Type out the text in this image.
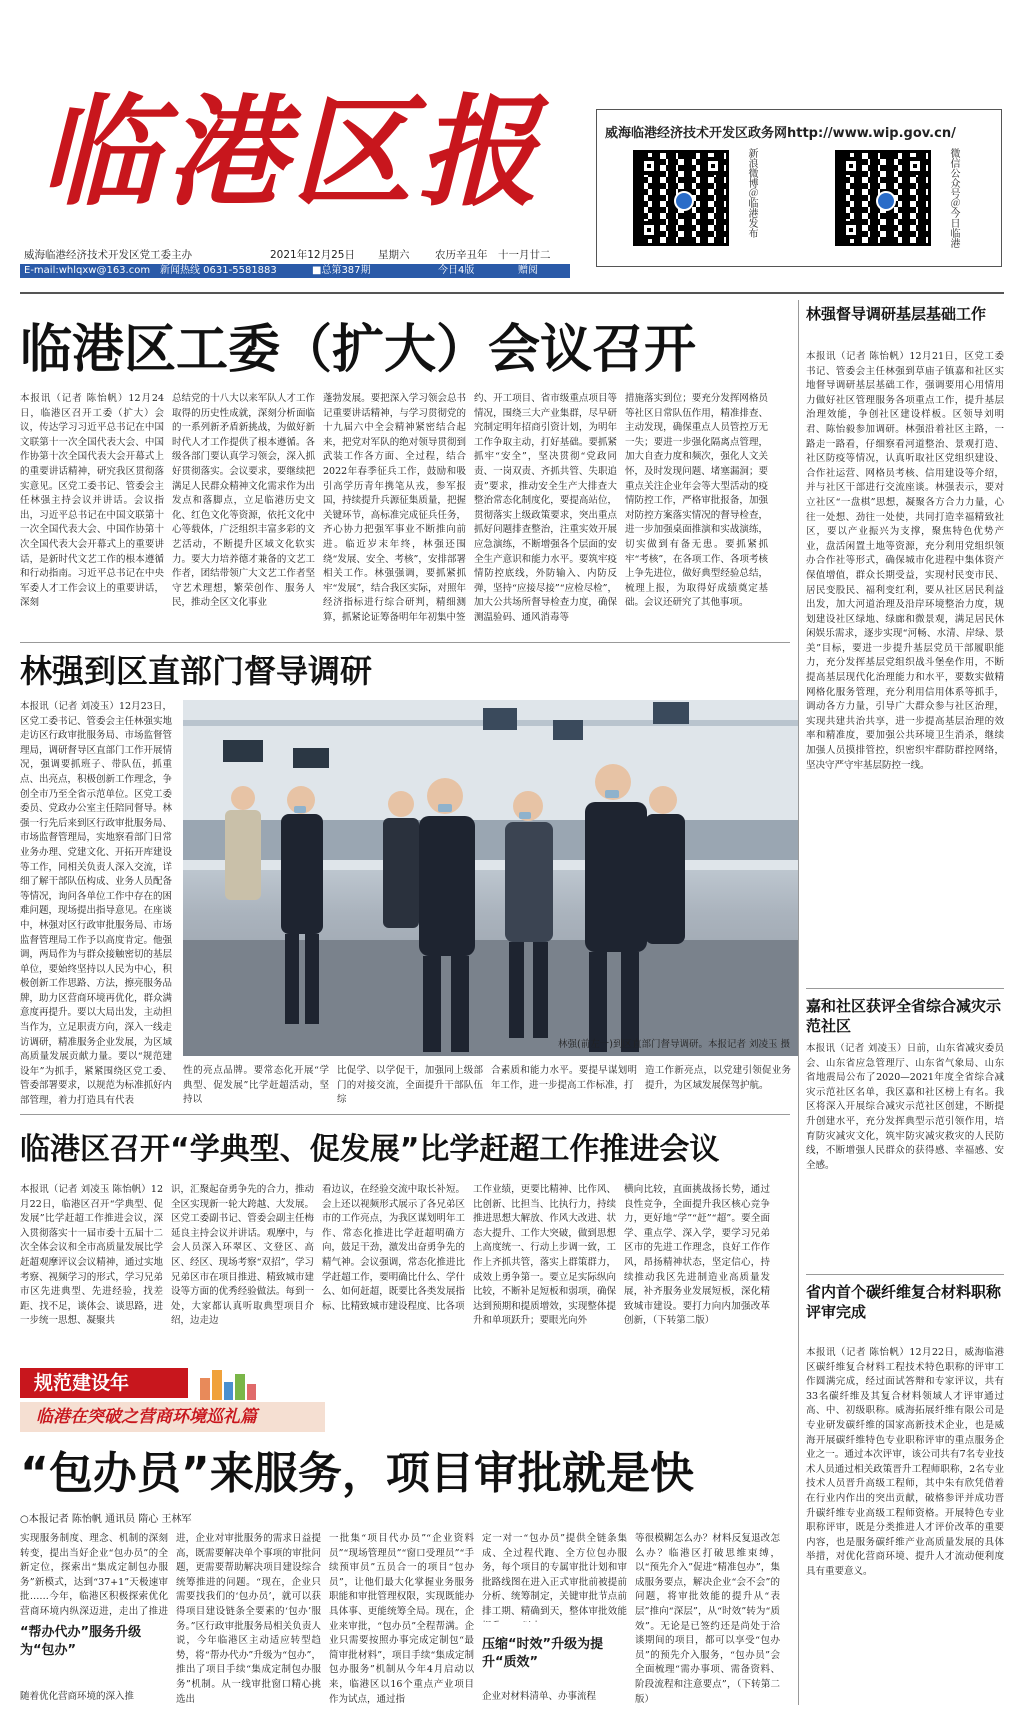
临港区报
威海临港经济技术开发区党工委主办	2021年12月25日 星期六 农历辛丑年　十一月廿二
E-mail:whlqxw@163.com 新闻热线 0631-5581883	■总第387期	今日4版	赠阅
威海临港经济技术开发区政务网http://www.wip.gov.cn/
新浪微博＠临港发布	微信公众号＠今日临港
临港区工委（扩大）会议召开
本报讯（记者 陈怡帆）12月24日，临港区召开工委（扩大）会议，传达学习习近平总书记在中国文联第十一次全国代表大会、中国作协第十次全国代表大会开幕式上的重要讲话精神，研究我区贯彻落实意见。区党工委书记、管委会主任林强主持会议并讲话。会议指出，习近平总书记在中国文联第十一次全国代表大会、中国作协第十次全国代表大会开幕式上的重要讲话，是新时代文艺工作的根本遵循和行动指南。习近平总书记在中央军委人才工作会议上的重要讲话，深刻
总结党的十八大以来军队人才工作取得的历史性成就，深刻分析面临的一系列新矛盾新挑战，为做好新时代人才工作提供了根本遵循。各级各部门要认真学习领会，深入抓好贯彻落实。会议要求，要继续把满足人民群众精神文化需求作为出发点和落脚点，立足临港历史文化、红色文化等资源，依托文化中心等载体，广泛组织丰富多彩的文艺活动，不断提升区域文化软实力。要大力培养德才兼备的文艺工作者，团结带领广大文艺工作者坚守艺术理想，繁荣创作、服务人民，推动全区文化事业
蓬勃发展。要把深入学习领会总书记重要讲话精神，与学习贯彻党的十九届六中全会精神紧密结合起来，把党对军队的绝对领导贯彻到武装工作各方面、全过程，结合2022年春季征兵工作，鼓励和吸引高学历青年携笔从戎，参军报国，持续提升兵源征集质量，把握关键环节，高标准完成征兵任务，齐心协力把强军事业不断推向前进。临近岁末年终，林强还围绕“发展、安全、考核”，安排部署相关工作。林强强调，要抓紧抓牢“发展”，结合我区实际，对照年经济指标进行综合研判，精细测算，抓紧论证筹备明年年初集中签
约、开工项目、省市级重点项目等情况，围绕三大产业集群，尽早研究制定明年招商引资计划，为明年工作争取主动，打好基础。要抓紧抓牢“安全”，坚决贯彻“党政同责、一岗双责、齐抓共管、失职追责”要求，推动安全生产大排查大整治常态化制度化，要提高站位，贯彻落实上级政策要求，突出重点抓好问题排查整治，注重实效开展应急演练，不断增强各个层面的安全生产意识和能力水平。要筑牢疫情防控底线，外防输入、内防反弹，坚持“应接尽接”“应检尽检”，加大公共场所督导检查力度，确保测温验码、通风消毒等
措施落实到位；要充分发挥网格员等社区日常队伍作用，精准排查、主动发现，确保重点人员管控万无一失；要进一步强化隔离点管理，加大自查力度和频次，强化人文关怀，及时发现问题、堵塞漏洞；要重点关注企业年会等大型活动的疫情防控工作，严格审批报备，加强对防控方案落实情况的督导检查，进一步加强桌面推演和实战演练，切实做到有备无患。要抓紧抓牢“考核”，在各项工作、各项考核上争先进位，做好典型经验总结，梳理上报，为取得好成绩奠定基础。会议还研究了其他事项。
林强到区直部门督导调研
本报讯（记者 刘凌玉）12月23日，区党工委书记、管委会主任林强实地走访区行政审批服务局、市场监督管理局，调研督导区直部门工作开展情况，强调要抓班子、带队伍，抓重点、出亮点，积极创新工作理念，争创全市乃至全省示范单位。区党工委委员、党政办公室主任陪同督导。林强一行先后来到区行政审批服务局、市场监督管理局，实地察看部门日常业务办理、党建文化、开拓开库建设等工作，同相关负责人深入交流，详细了解干部队伍构成、业务人员配备等情况，询问各单位工作中存在的困难问题，现场提出指导意见。在座谈中，林强对区行政审批服务局、市场监督管理局工作予以高度肯定。他强调，两局作为与群众接触密切的基层单位，要始终坚持以人民为中心，积极创新工作思路、方法，擦亮服务品牌，助力区营商环境再优化，群众满意度再提升。要以大局出发，主动担当作为，立足职责方向，深入一线走访调研，精准服务企业发展，为区域高质量发展贡献力量。要以“规范建设年”为抓手，紧紧围绕区党工委、管委部署要求，以规范为标准抓好内部管理，着力打造具有代表
林强(前左一)到区直部门督导调研。本报记者 刘凌玉 摄
性的亮点品牌。要常态化开展“学典型、促发展”比学赶超活动，坚持以
比促学、以学促干，加强同上级部门的对接交流，全面提升干部队伍综
合素质和能力水平。要提早谋划明年工作，进一步提高工作标准，打
造工作新亮点，以党建引领促业务提升，为区域发展保驾护航。
临港区召开“学典型、促发展”比学赶超工作推进会议
本报讯（记者 刘凌玉 陈怡帆）12月22日，临港区召开“学典型、促发展”比学赶超工作推进会议，深入贯彻落实十一届市委十五届十二次全体会议和全市高质量发展比学赶超观摩评议会议精神，通过实地考察、视频学习的形式，学习兄弟市区先进典型、先进经验，找差距、找不足，谈体会、谈思路，进一步统一思想、凝聚共
识，汇聚起奋勇争先的合力，推动全区实现新一轮大跨越、大发展。区党工委副书记、管委会副主任梅延良主持会议并讲话。观摩中，与会人员深入环翠区、文登区、高区、经区、现场考察“双招”，学习兄弟区市在项目推进、精致城市建设等方面的优秀经验做法。每到一处，大家都认真听取典型项目介绍，边走边
看边议，在经验交流中取长补短。会上还以视频形式展示了各兄弟区市的工作亮点，为我区谋划明年工作、常态化推进比学赶超明确方向，鼓足干劲，激发出奋勇争先的精气神。会议强调，常态化推进比学赶超工作，要明确比什么、学什么、如何赶超，既要比各类发展指标、比精致城市建设程度、比各项
工作业绩，更要比精神、比作风、比创新、比担当、比执行力，持续推进思想大解放、作风大改进、状态大提升、工作大突破，做到思想上高度统一、行动上步调一致，工作上齐抓共管，落实上群策群力，成效上勇争第一。要立足实际纵向比较，不断补足短板和弱项，确保达到预期和提质增效，实现整体提升和单项跃升；要眼光向外
横向比较，直面挑战扬长势，通过良性竞争，全面提升我区核心竞争力，更好地“学”“赶”“超”。要全面学、重点学、深入学，要学习兄弟区市的先进工作理念，良好工作作风，昂扬精神状态，坚定信心，持续推动我区先进制造业高质量发展，补齐服务业发展短板，深化精致城市建设。要打力向内加强改革创新，（下转第二版）
规范建设年
临港在突破之营商环境巡礼篇
“包办员”来服务，项目审批就是快
○本报记者 陈怡帆 通讯员 隋心 王林军
实现服务制度、理念、机制的深刻转变，提出当好企业“包办员”的全新定位，探索出“集成定制包办服务”新模式，达到“37+1”天极速审批……今年，临港区积极探索优化营商环境内纵深迈进，走出了推进
“帮办代办”服务升级为“包办”
随着优化营商环境的深入推
进，企业对审批服务的需求日益提高，既需要解决单个事项的审批问题，更需要帮助解决项目建设综合统筹推进的问题。“现在，企业只需要找我们的‘包办员’，就可以获得项目建设链条全要素的‘包办’服务。”区行政审批服务局相关负责人说，今年临港区主动适应转型趋势，将“帮办代办”升级为“包办”，推出了项目手续“集成定制包办服务”机制。从一线审批窗口精心挑选出
一批集“项目代办员”“企业资料员”“现场管理员”“窗口受理员”“手续预审员”五员合一的项目“包办员”，让他们最大化掌握业务服务职能和审批管理权限，实现既能办具体事、更能统筹全局。现在，企业来审批，“包办员”全程帮满。企业只需要按照办事完成定制包“最简审批材料”，项目手续“集成定制包办服务”机制从今年4月启动以来，临港区以16个重点产业项目作为试点，通过指
定一对一“包办员”提供全链条集成、全过程代跑、全方位包办服务，每个项目的专属审批计划和审批路线图在进入正式审批前被提前分析、统筹制定，关键审批节点前排工期、精确到天，整体审批效能
压缩“时效”升级为提升“质效”
企业对材料清单、办事流程
等很模糊怎么办？材料反复退改怎么办？临港区打破思维束缚，以“预先介入”促进“精准包办”，集成服务要点，解决企业“会不会”的问题，将审批效能的提升从“表层”推向“深层”，从“时效”转为“质效”。无论是已签约还是尚处于洽谈期间的项目，都可以享受“包办员”的预先介入服务，“包办员”会全面梳理“需办事项、需备资料、阶段流程和注意要点”，（下转第二版）
林强督导调研基层基础工作
本报讯（记者 陈怡帆）12月21日，区党工委书记、管委会主任林强到草庙子镇嘉和社区实地督导调研基层基础工作，强调要用心用情用力做好社区管理服务各项重点工作，提升基层治理效能，争创社区建设样板。区领导刘明君、陈怡毅参加调研。林强沿着社区主路，一路走一路看，仔细察看河道整治、景观打造、社区防疫等情况，认真听取社区党组织建设、合作社运营、网格员考核、信用建设等介绍，并与社区干部进行交流座谈。林强表示，要对立社区“一盘棋”思想，凝聚各方合力力量，心往一处想、劲往一处使，共同打造幸福精致社区，要以产业振兴为支撑，聚焦特色优势产业，盘活闲置土地等资源，充分利用党组织领办合作社等形式，确保城市化进程中集体资产保值增值，群众长期受益，实现村民变市民、居民变股民、福利变红利，要从社区居民利益出发，加大河道治理及沿岸环境整治力度，规划建设社区绿地、绿廊和微景观，满足居民休闲娱乐需求，逐步实现“河畅、水清、岸绿、景美”目标，要进一步提升基层党员干部履职能力，充分发挥基层党组织战斗堡垒作用，不断提高基层现代化治理能力和水平，要数实做精网格化服务管理，充分利用信用体系等抓手，调动各方力量，引导广大群众参与社区治理，实现共建共治共享，进一步提高基层治理的效率和精准度，要加强公共环境卫生消杀，继续加强人员摸排管控，织密织牢群防群控网络，坚决守严守牢基层防控一线。
嘉和社区获评全省综合减灾示范社区
本报讯（记者 刘凌玉）日前，山东省减灾委员会、山东省应急管理厅、山东省气象局、山东省地震局公布了2020—2021年度全省综合减灾示范社区名单，我区嘉和社区榜上有名。我区将深入开展综合减灾示范社区创建，不断提升创建水平，充分发挥典型示范引领作用，培育防灾减灾文化，筑牢防灾减灾救灾的人民防线，不断增强人民群众的获得感、幸福感、安全感。
省内首个碳纤维复合材料职称评审完成
本报讯（记者 陈怡帆）12月22日，威海临港区碳纤维复合材料工程技术特色职称的评审工作圆满完成，经过面试答辩和专家评议，共有33名碳纤维及其复合材料领域人才评审通过高、中、初级职称。威海拓展纤维有限公司是专业研发碳纤维的国家高新技术企业，也是威海开展碳纤维特色专业职称评审的重点服务企业之一。通过本次评审，该公司共有7名专业技术人员通过相关政策晋升工程师职称，2名专业技术人员晋升高级工程师，其中朱有欣凭借着在行业内作出的突出贡献，破格参评并成功晋升碳纤维专业高级工程师资格。开展特色专业职称评审，既是分类推进人才评价改革的重要内容，也是服务碳纤维产业高质量发展的具体举措，对优化营商环境、提升人才流动便利度具有重要意义。
